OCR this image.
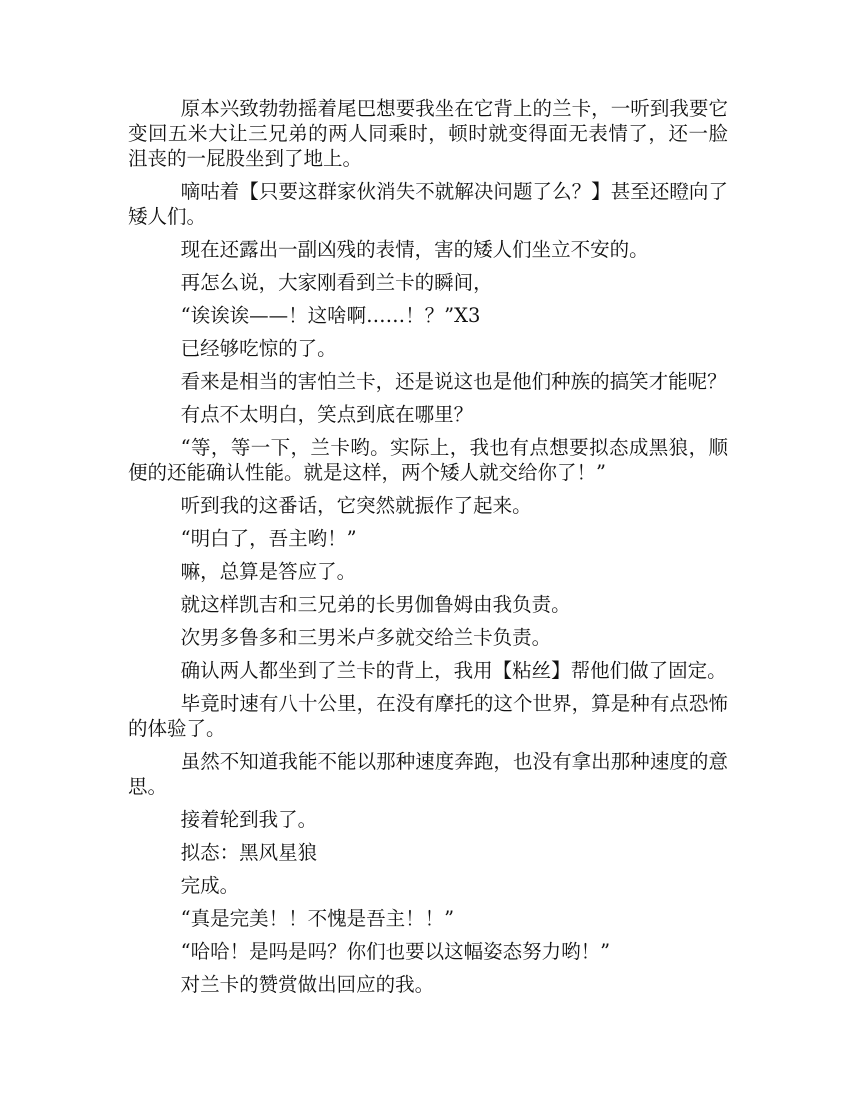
原本兴致勃勃摇着尾巴想要我坐在它背上的兰卡，一听到我要它变回五米大让三兄弟的两人同乘时，顿时就变得面无表情了，还一脸沮丧的一屁股坐到了地上。

嘀咕着【只要这群家伙消失不就解决问题了么？】甚至还瞪向了矮人们。

现在还露出一副凶残的表情，害的矮人们坐立不安的。

再怎么说，大家刚看到兰卡的瞬间，

“诶诶诶——！这啥啊……！？”X3

已经够吃惊的了。

看来是相当的害怕兰卡，还是说这也是他们种族的搞笑才能呢？

有点不太明白，笑点到底在哪里？

“等，等一下，兰卡哟。实际上，我也有点想要拟态成黑狼，顺便的还能确认性能。就是这样，两个矮人就交给你了！”

听到我的这番话，它突然就振作了起来。

“明白了，吾主哟！”

嘛，总算是答应了。

就这样凯吉和三兄弟的长男伽鲁姆由我负责。

次男多鲁多和三男米卢多就交给兰卡负责。

确认两人都坐到了兰卡的背上，我用【粘丝】帮他们做了固定。

毕竟时速有八十公里，在没有摩托的这个世界，算是种有点恐怖的体验了。

虽然不知道我能不能以那种速度奔跑，也没有拿出那种速度的意思。

接着轮到我了。

拟态：黑风星狼

完成。

“真是完美！！不愧是吾主！！”

“哈哈！是吗是吗？你们也要以这幅姿态努力哟！”

对兰卡的赞赏做出回应的我。
